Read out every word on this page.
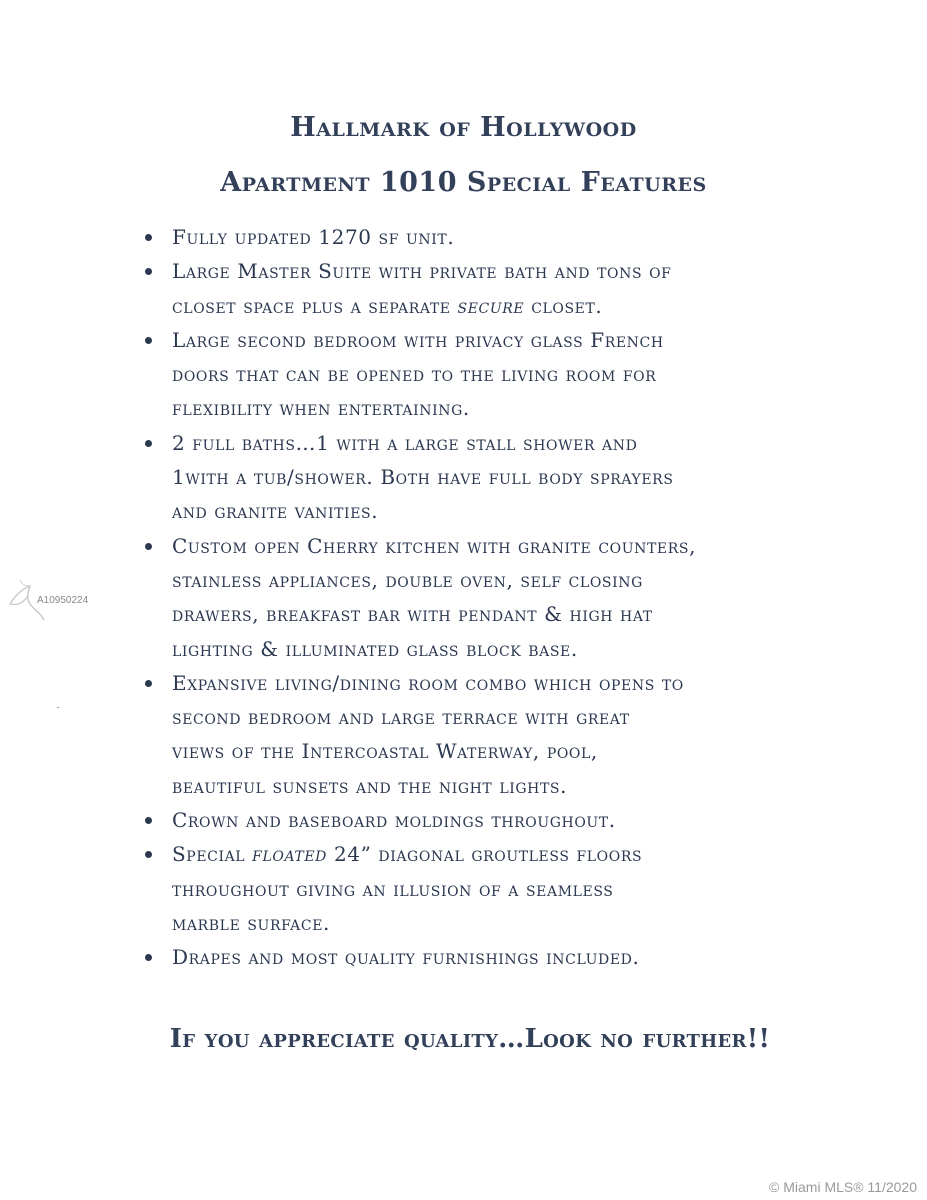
Hallmark of Hollywood
Apartment 1010 Special Features
Fully updated 1270 sf unit.
Large Master Suite with private bath and tons of
closet space plus a separate secure closet.
Large second bedroom with privacy glass French
doors that can be opened to the living room for
flexibility when entertaining.
2 full baths…1 with a large stall shower and
1with a tub/shower. Both have full body sprayers
and granite vanities.
Custom open Cherry kitchen with granite counters,
stainless appliances, double oven, self closing
drawers, breakfast bar with pendant & high hat
lighting & illuminated glass block base.
Expansive living/dining room combo which opens to
second bedroom and large terrace with great
views of the Intercoastal Waterway, pool,
beautiful sunsets and the night lights.
Crown and baseboard moldings throughout.
Special floated 24” diagonal groutless floors
throughout giving an illusion of a seamless
marble surface.
Drapes and most quality furnishings included.
If you appreciate quality…Look no further!!
A10950224
© Miami MLS® 11/2020
